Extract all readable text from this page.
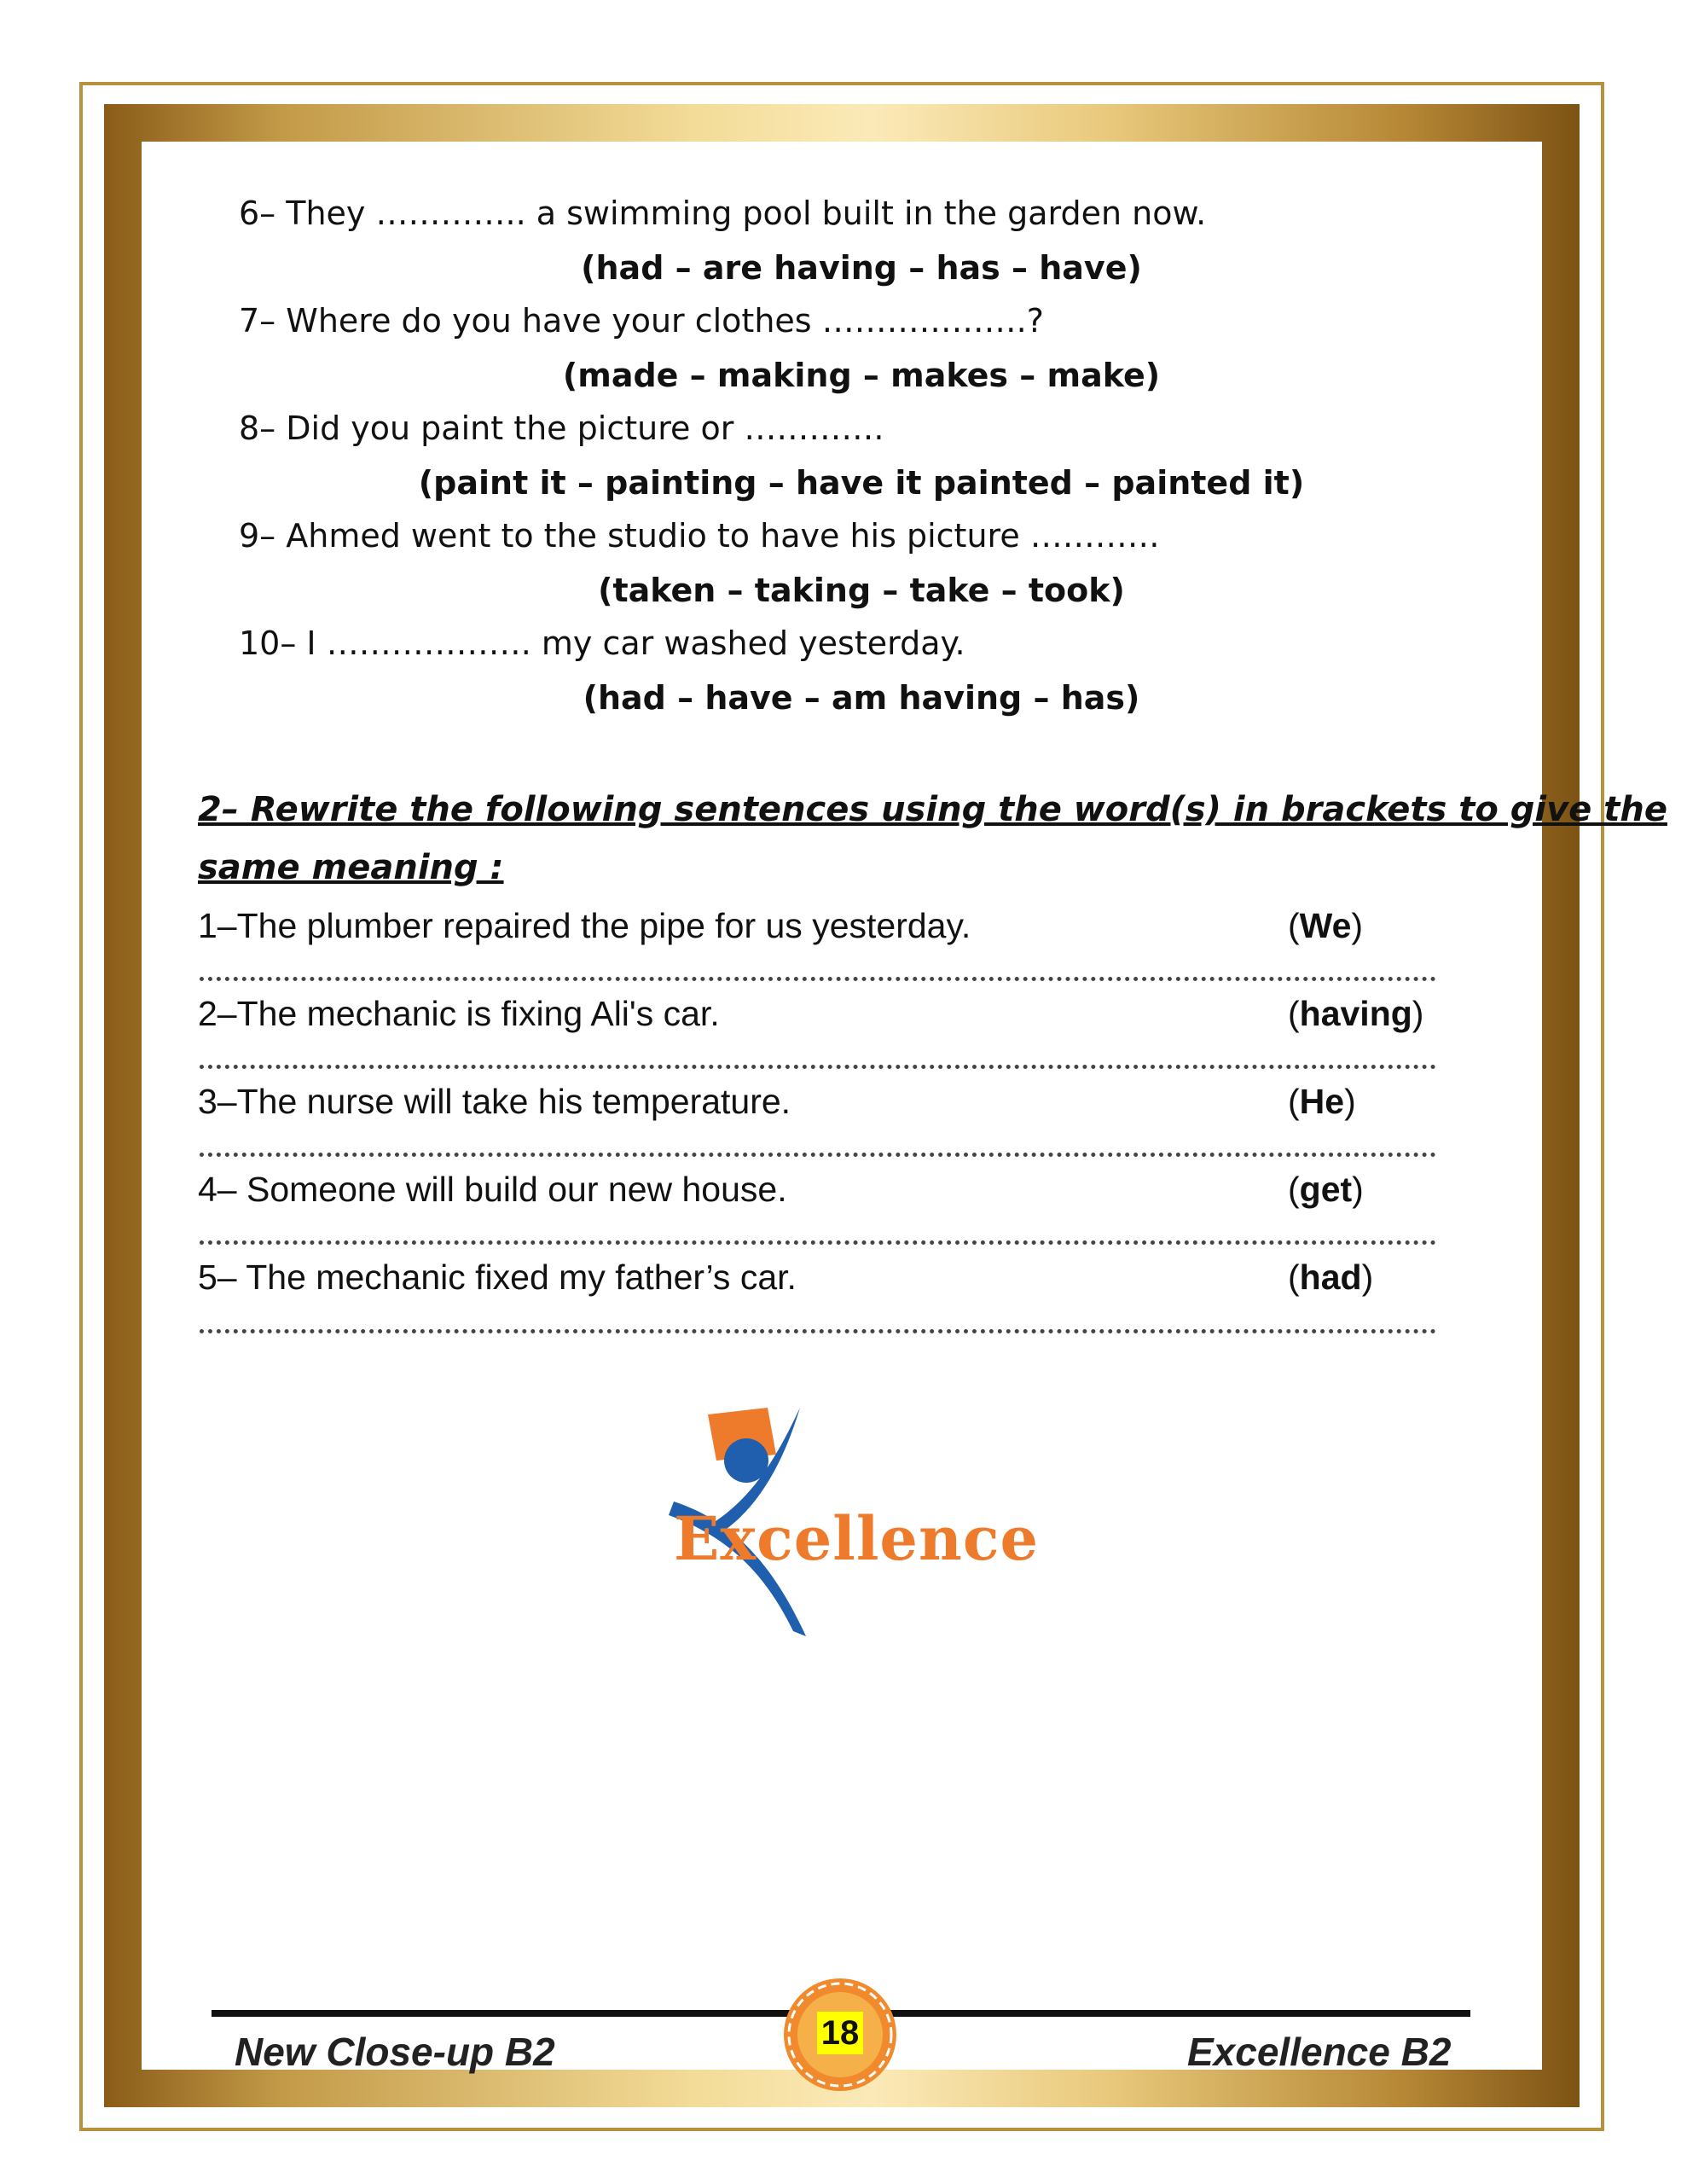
6– They ………….. a swimming pool built in the garden now.
(had – are having – has – have)
7– Where do you have your clothes ……………….?
(made – making – makes – make)
8– Did you paint the picture or ………….
(paint it – painting – have it painted – painted it)
9– Ahmed went to the studio to have his picture …………
(taken – taking – take – took)
10– I ………………. my car washed yesterday.
(had – have – am having – has)
2– Rewrite the following sentences using the word(s) in brackets to give the
same meaning :
1–The plumber repaired the pipe for us yesterday.	(We)
2–The mechanic is fixing Ali's car.	(having)
3–The nurse will take his temperature.	(He)
4– Someone will build our new house.	(get)
5– The mechanic fixed my father’s car.	(had)
Excellence
New Close-up B2	Excellence B2
18
